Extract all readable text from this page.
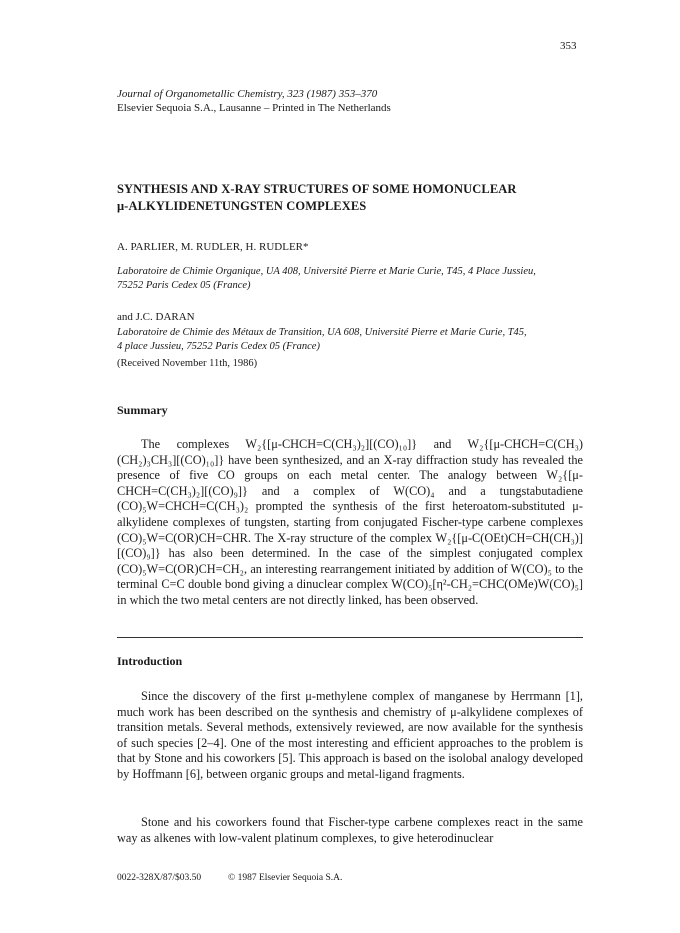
353
Journal of Organometallic Chemistry, 323 (1987) 353–370
Elsevier Sequoia S.A., Lausanne – Printed in The Netherlands
SYNTHESIS AND X-RAY STRUCTURES OF SOME HOMONUCLEAR
μ-ALKYLIDENETUNGSTEN COMPLEXES
A. PARLIER, M. RUDLER, H. RUDLER*
Laboratoire de Chimie Organique, UA 408, Université Pierre et Marie Curie, T45, 4 Place Jussieu,
75252 Paris Cedex 05 (France)
and J.C. DARAN
Laboratoire de Chimie des Métaux de Transition, UA 608, Université Pierre et Marie Curie, T45,
4 place Jussieu, 75252 Paris Cedex 05 (France)
(Received November 11th, 1986)
Summary
The complexes W₂{[μ-CHCH=C(CH₃)₂][(CO)₁₀]} and W₂{[μ-CHCH=C(CH₃)(CH₂)₃CH₃][(CO)₁₀]} have been synthesized, and an X-ray diffraction study has revealed the presence of five CO groups on each metal center. The analogy between W₂{[μ-CHCH=C(CH₃)₂][(CO)₉]} and a complex of W(CO)₄ and a tungstabutadiene (CO)₅W=CHCH=C(CH₃)₂ prompted the synthesis of the first heteroatom-substituted μ-alkylidene complexes of tungsten, starting from conjugated Fischer-type carbene complexes (CO)₅W=C(OR)CH=CHR. The X-ray structure of the complex W₂{[μ-C(OEt)CH=CH(CH₃)][(CO)₉]} has also been determined. In the case of the simplest conjugated complex (CO)₅W=C(OR)CH=CH₂, an interesting rearrangement initiated by addition of W(CO)₅ to the terminal C=C double bond giving a dinuclear complex W(CO)₅[η²-CH₂=CHC(OMe)W(CO)₅] in which the two metal centers are not directly linked, has been observed.
Introduction
Since the discovery of the first μ-methylene complex of manganese by Herrmann [1], much work has been described on the synthesis and chemistry of μ-alkylidene complexes of transition metals. Several methods, extensively reviewed, are now available for the synthesis of such species [2–4]. One of the most interesting and efficient approaches to the problem is that by Stone and his coworkers [5]. This approach is based on the isolobal analogy developed by Hoffmann [6], between organic groups and metal-ligand fragments.
Stone and his coworkers found that Fischer-type carbene complexes react in the same way as alkenes with low-valent platinum complexes, to give heterodinuclear
0022-328X/87/$03.50	© 1987 Elsevier Sequoia S.A.
